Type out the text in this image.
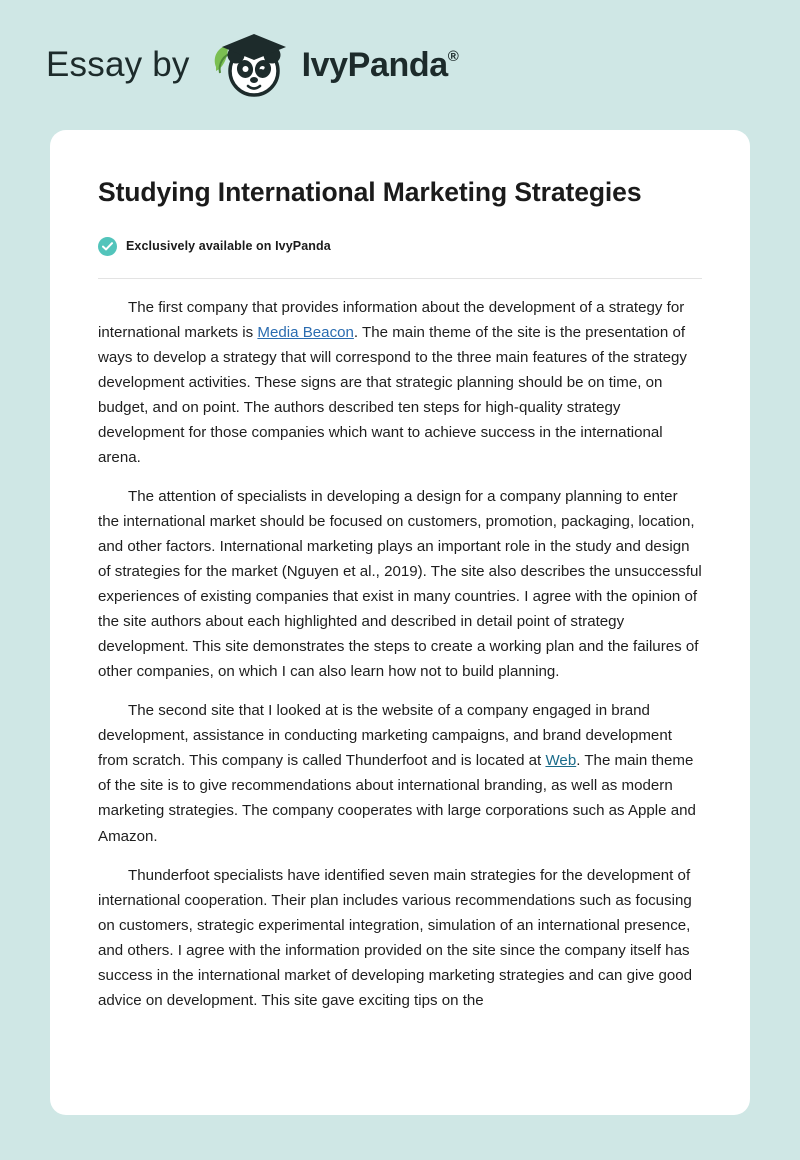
Essay by	IvyPanda®
Studying International Marketing Strategies
Exclusively available on IvyPanda

The first company that provides information about the development of a strategy for international markets is Media Beacon. The main theme of the site is the presentation of ways to develop a strategy that will correspond to the three main features of the strategy development activities. These signs are that strategic planning should be on time, on budget, and on point. The authors described ten steps for high-quality strategy development for those companies which want to achieve success in the international arena.

The attention of specialists in developing a design for a company planning to enter the international market should be focused on customers, promotion, packaging, location, and other factors. International marketing plays an important role in the study and design of strategies for the market (Nguyen et al., 2019). The site also describes the unsuccessful experiences of existing companies that exist in many countries. I agree with the opinion of the site authors about each highlighted and described in detail point of strategy development. This site demonstrates the steps to create a working plan and the failures of other companies, on which I can also learn how not to build planning.

The second site that I looked at is the website of a company engaged in brand development, assistance in conducting marketing campaigns, and brand development from scratch. This company is called Thunderfoot and is located at Web. The main theme of the site is to give recommendations about international branding, as well as modern marketing strategies. The company cooperates with large corporations such as Apple and Amazon.

Thunderfoot specialists have identified seven main strategies for the development of international cooperation. Their plan includes various recommendations such as focusing on customers, strategic experimental integration, simulation of an international presence, and others. I agree with the information provided on the site since the company itself has success in the international market of developing marketing strategies and can give good advice on development. This site gave exciting tips on the
